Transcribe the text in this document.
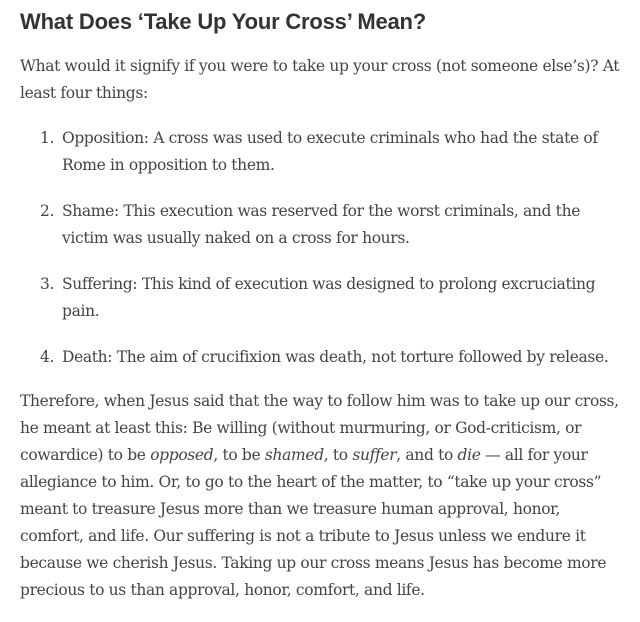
What Does ‘Take Up Your Cross’ Mean?

What would it signify if you were to take up your cross (not someone else’s)? At least four things:

1. Opposition: A cross was used to execute criminals who had the state of Rome in opposition to them.
2. Shame: This execution was reserved for the worst criminals, and the victim was usually naked on a cross for hours.
3. Suffering: This kind of execution was designed to prolong excruciating pain.
4. Death: The aim of crucifixion was death, not torture followed by release.

Therefore, when Jesus said that the way to follow him was to take up our cross, he meant at least this: Be willing (without murmuring, or God-criticism, or cowardice) to be opposed, to be shamed, to suffer, and to die — all for your allegiance to him. Or, to go to the heart of the matter, to “take up your cross” meant to treasure Jesus more than we treasure human approval, honor, comfort, and life. Our suffering is not a tribute to Jesus unless we endure it because we cherish Jesus. Taking up our cross means Jesus has become more precious to us than approval, honor, comfort, and life.
